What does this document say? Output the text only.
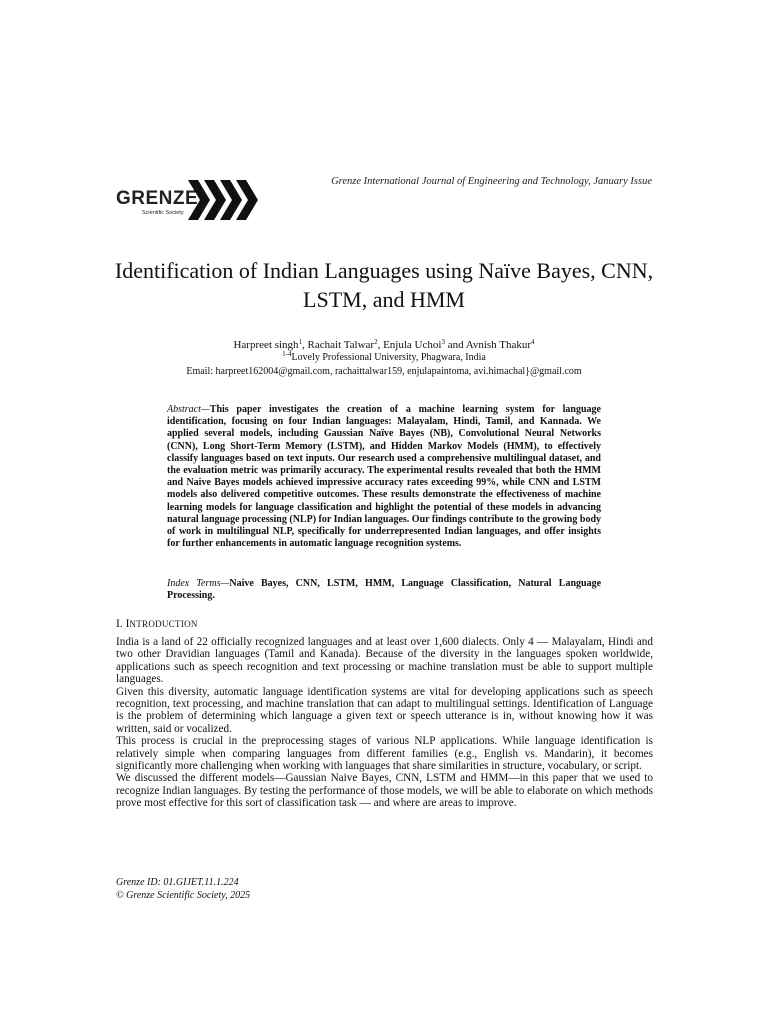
GRENZE
Scientific Society
Grenze International Journal of Engineering and Technology, January Issue
Identification of Indian Languages using Naïve Bayes, CNN, LSTM, and HMM
Harpreet singh$^1$, Rachait Talwar$^2$, Enjula Uchoi$^3$ and Avnish Thakur$^4$
$^{1-4}$Lovely Professional University, Phagwara, India
Email: harpreet162004@gmail.com, rachaittalwar159, enjulapaintoma, avi.himachal}@gmail.com
Abstract—This paper investigates the creation of a machine learning system for language identification, focusing on four Indian languages: Malayalam, Hindi, Tamil, and Kannada. We applied several models, including Gaussian Naïve Bayes (NB), Convolutional Neural Networks (CNN), Long Short-Term Memory (LSTM), and Hidden Markov Models (HMM), to effectively classify languages based on text inputs. Our research used a comprehensive multilingual dataset, and the evaluation metric was primarily accuracy. The experimental results revealed that both the HMM and Naive Bayes models achieved impressive accuracy rates exceeding 99%, while CNN and LSTM models also delivered competitive outcomes. These results demonstrate the effectiveness of machine learning models for language classification and highlight the potential of these models in advancing natural language processing (NLP) for Indian languages. Our findings contribute to the growing body of work in multilingual NLP, specifically for underrepresented Indian languages, and offer insights for further enhancements in automatic language recognition systems.
Index Terms—Naive Bayes, CNN, LSTM, HMM, Language Classification, Natural Language Processing.
I. INTRODUCTION

India is a land of 22 officially recognized languages and at least over 1,600 dialects. Only 4 — Malayalam, Hindi and two other Dravidian languages (Tamil and Kanada). Because of the diversity in the languages spoken worldwide, applications such as speech recognition and text processing or machine translation must be able to support multiple languages.

Given this diversity, automatic language identification systems are vital for developing applications such as speech recognition, text processing, and machine translation that can adapt to multilingual settings. Identification of Language is the problem of determining which language a given text or speech utterance is in, without knowing how it was written, said or vocalized.

This process is crucial in the preprocessing stages of various NLP applications. While language identification is relatively simple when comparing languages from different families (e.g., English vs. Mandarin), it becomes significantly more challenging when working with languages that share similarities in structure, vocabulary, or script.

We discussed the different models—Gaussian Naive Bayes, CNN, LSTM and HMM—in this paper that we used to recognize Indian languages. By testing the performance of those models, we will be able to elaborate on which methods prove most effective for this sort of classification task — and where are areas to improve.

Grenze ID: 01.GIJET.11.1.224
© Grenze Scientific Society, 2025
